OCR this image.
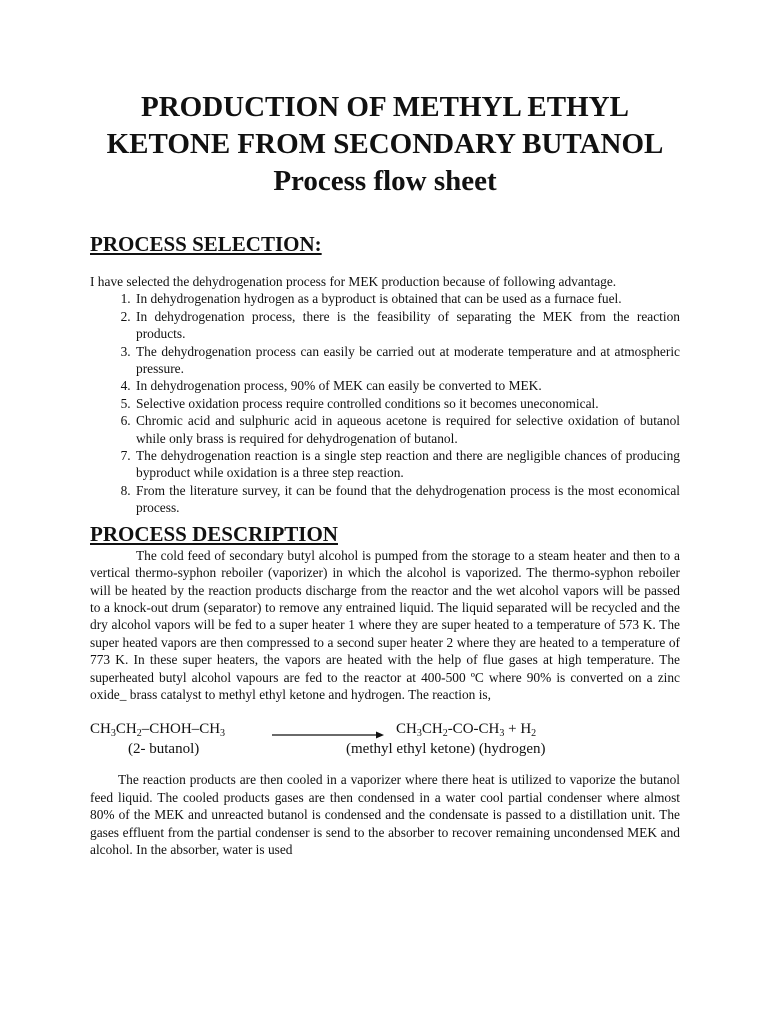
PRODUCTION OF METHYL ETHYL
KETONE FROM SECONDARY BUTANOL
Process flow sheet
PROCESS SELECTION:

I have selected the dehydrogenation process for MEK production because of following advantage.

1. In dehydrogenation hydrogen as a byproduct is obtained that can be used as a furnace fuel.
2. In dehydrogenation process, there is the feasibility of separating the MEK from the reaction products.
3. The dehydrogenation process can easily be carried out at moderate temperature and at atmospheric pressure.
4. In dehydrogenation process, 90% of MEK can easily be converted to MEK.
5. Selective oxidation process require controlled conditions so it becomes uneconomical.
6. Chromic acid and sulphuric acid in aqueous acetone is required for selective oxidation of butanol while only brass is required for dehydrogenation of butanol.
7. The dehydrogenation reaction is a single step reaction and there are negligible chances of producing byproduct while oxidation is a three step reaction.
8. From the literature survey, it can be found that the dehydrogenation process is the most economical process.
PROCESS DESCRIPTION

The cold feed of secondary butyl alcohol is pumped from the storage to a steam heater and then to a vertical thermo-syphon reboiler (vaporizer) in which the alcohol is vaporized. The thermo-syphon reboiler will be heated by the reaction products discharge from the reactor and the wet alcohol vapors will be passed to a knock-out drum (separator) to remove any entrained liquid. The liquid separated will be recycled and the dry alcohol vapors will be fed to a super heater 1 where they are super heated to a temperature of 573 K. The super heated vapors are then compressed to a second super heater 2 where they are heated to a temperature of 773 K. In these super heaters, the vapors are heated with the help of flue gases at high temperature. The superheated butyl alcohol vapours are fed to the reactor at 400-500 ºC where 90% is converted on a zinc oxide_ brass catalyst to methyl ethyl ketone and hydrogen. The reaction is,

$CH_3CH_2-CHOH-CH_3$	$CH_3CH_2-CO-CH_3 + H_2$
(2- butanol)	(methyl ethyl ketone) (hydrogen)

The reaction products are then cooled in a vaporizer where there heat is utilized to vaporize the butanol feed liquid. The cooled products gases are then condensed in a water cool partial condenser where almost 80% of the MEK and unreacted butanol is condensed and the condensate is passed to a distillation unit. The gases effluent from the partial condenser is send to the absorber to recover remaining uncondensed MEK and alcohol. In the absorber, water is used
